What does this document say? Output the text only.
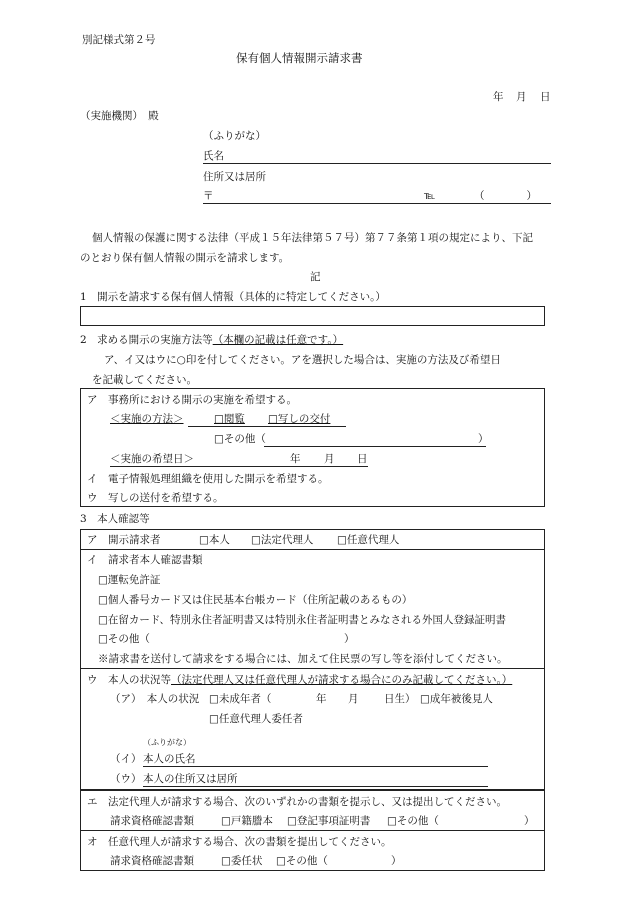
別記様式第２号
保有個人情報開示請求書
年 月 日
（実施機関）　殿
（ふりがな）
氏名
住所又は居所
〒	℡	（　　　　）
個人情報の保護に関する法律（平成１５年法律第５７号）第７７条第１項の規定により、下記
のとおり保有個人情報の開示を請求します。
記
1　開示を請求する保有個人情報（具体的に特定してください。）
2　求める開示の実施方法等（本欄の記載は任意です。）
ア、イ又はウに○印を付してください。アを選択した場合は、実施の方法及び希望日
を記載してください。
ア　事務所における開示の実施を希望する。
＜実施の方法＞	□閲覧 □写しの交付
□その他（	）
＜実施の希望日＞	年 月 日
イ　電子情報処理組織を使用した開示を希望する。
ウ　写しの送付を希望する。
3　本人確認等
ア　開示請求者	□本人 □法定代理人 □任意代理人
イ　請求者本人確認書類
□運転免許証
□個人番号カード又は住民基本台帳カード（住所記載のあるもの）
□在留カード、特別永住者証明書又は特別永住者証明書とみなされる外国人登録証明書
□その他（	）
※請求書を送付して請求をする場合には、加えて住民票の写し等を添付してください。
ウ　本人の状況等（法定代理人又は任意代理人が請求する場合にのみ記載してください。）
（ア）　本人の状況 □未成年者（	年 月 日生） □成年被後見人
□任意代理人委任者
（ふりがな）
（イ） 本人の氏名
（ウ） 本人の住所又は居所
エ　法定代理人が請求する場合、次のいずれかの書類を提示し、又は提出してください。
請求資格確認書類	□戸籍謄本 □登記事項証明書 □その他（	）
オ　任意代理人が請求する場合、次の書類を提出してください。
請求資格確認書類	□委任状 □その他（	）
